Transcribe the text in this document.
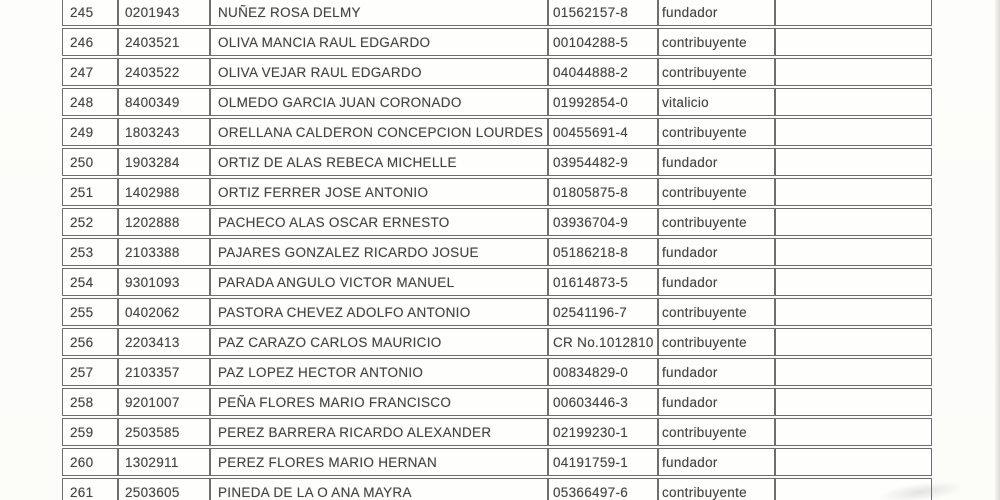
245	0201943	NUÑEZ ROSA DELMY	01562157-8	fundador	
246	2403521	OLIVA MANCIA RAUL EDGARDO	00104288-5	contribuyente	
247	2403522	OLIVA VEJAR RAUL EDGARDO	04044888-2	contribuyente	
248	8400349	OLMEDO GARCIA JUAN CORONADO	01992854-0	vitalicio	
249	1803243	ORELLANA CALDERON CONCEPCION LOURDES	00455691-4	contribuyente	
250	1903284	ORTIZ DE ALAS REBECA MICHELLE	03954482-9	fundador	
251	1402988	ORTIZ FERRER JOSE ANTONIO	01805875-8	contribuyente	
252	1202888	PACHECO ALAS OSCAR ERNESTO	03936704-9	contribuyente	
253	2103388	PAJARES GONZALEZ RICARDO JOSUE	05186218-8	fundador	
254	9301093	PARADA ANGULO VICTOR MANUEL	01614873-5	fundador	
255	0402062	PASTORA CHEVEZ ADOLFO ANTONIO	02541196-7	contribuyente	
256	2203413	PAZ CARAZO CARLOS MAURICIO	CR No.1012810	contribuyente	
257	2103357	PAZ LOPEZ HECTOR ANTONIO	00834829-0	fundador	
258	9201007	PEÑA FLORES MARIO FRANCISCO	00603446-3	fundador	
259	2503585	PEREZ BARRERA RICARDO ALEXANDER	02199230-1	contribuyente	
260	1302911	PEREZ FLORES MARIO HERNAN	04191759-1	fundador	
261	2503605	PINEDA DE LA O ANA MAYRA	05366497-6	contribuyente	
